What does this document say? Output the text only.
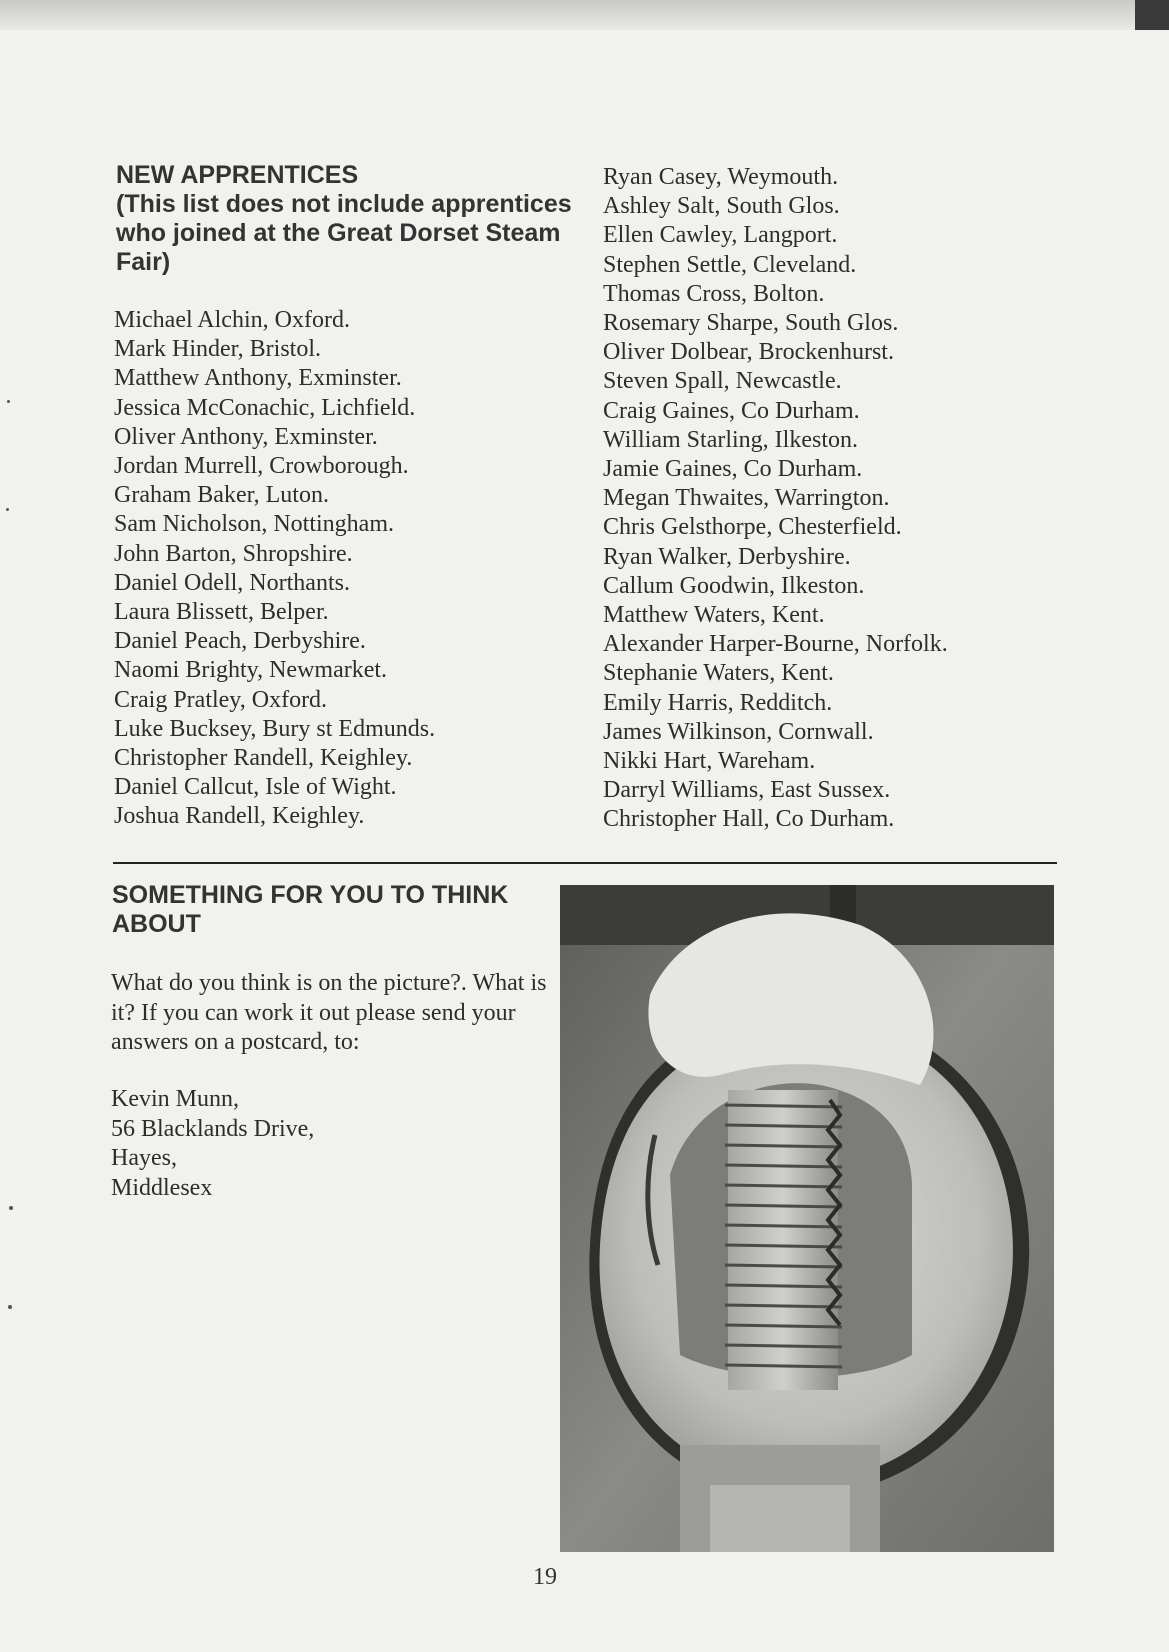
NEW APPRENTICES

(This list does not include apprentices who joined at the Great Dorset Steam Fair)

Michael Alchin, Oxford.
Mark Hinder, Bristol.
Matthew Anthony, Exminster.
Jessica McConachic, Lichfield.
Oliver Anthony, Exminster.
Jordan Murrell, Crowborough.
Graham Baker, Luton.
Sam Nicholson, Nottingham.
John Barton, Shropshire.
Daniel Odell, Northants.
Laura Blissett, Belper.
Daniel Peach, Derbyshire.
Naomi Brighty, Newmarket.
Craig Pratley, Oxford.
Luke Bucksey, Bury st Edmunds.
Christopher Randell, Keighley.
Daniel Callcut, Isle of Wight.
Joshua Randell, Keighley.
Ryan Casey, Weymouth.
Ashley Salt, South Glos.
Ellen Cawley, Langport.
Stephen Settle, Cleveland.
Thomas Cross, Bolton.
Rosemary Sharpe, South Glos.
Oliver Dolbear, Brockenhurst.
Steven Spall, Newcastle.
Craig Gaines, Co Durham.
William Starling, Ilkeston.
Jamie Gaines, Co Durham.
Megan Thwaites, Warrington.
Chris Gelsthorpe, Chesterfield.
Ryan Walker, Derbyshire.
Callum Goodwin, Ilkeston.
Matthew Waters, Kent.
Alexander Harper-Bourne, Norfolk.
Stephanie Waters, Kent.
Emily Harris, Redditch.
James Wilkinson, Cornwall.
Nikki Hart, Wareham.
Darryl Williams, East Sussex.
Christopher Hall, Co Durham.

SOMETHING FOR YOU TO THINK ABOUT

What do you think is on the picture?. What is it? If you can work it out please send your answers on a postcard, to:

Kevin Munn,
56 Blacklands Drive,
Hayes,
Middlesex
19
